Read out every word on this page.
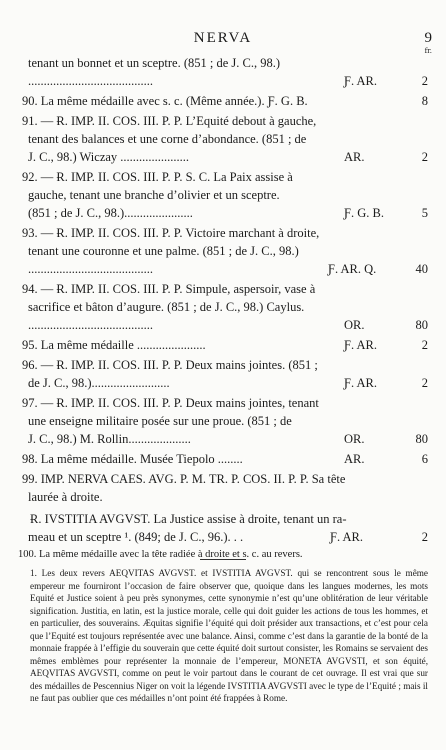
NERVA	9
fr.
tenant un bonnet et un sceptre. (851 ; de J. C., 98.)
........................................	Ƒ. AR.	2
90. La même médaille avec s. c. (Même année.). Ƒ. G. B.	8
91. — Ɍ. IMP. II. COS. III. P. P. L’Equité debout à gauche,
tenant des balances et une corne d’abondance. (851 ; de
J. C., 98.) Wiczay ......................	AR.	2
92. — Ɍ. IMP. II. COS. III. P. P. S. C. La Paix assise à
gauche, tenant une branche d’olivier et un sceptre.
(851 ; de J. C., 98.)......................	Ƒ. G. B.	5
93. — Ɍ. IMP. II. COS. III. P. P. Victoire marchant à droite,
tenant une couronne et une palme. (851 ; de J. C., 98.)
........................................	Ƒ. AR. Q.	40
94. — Ɍ. IMP. II. COS. III. P. P. Simpule, aspersoir, vase à
sacrifice et bâton d’augure. (851 ; de J. C., 98.) Caylus.
........................................	OR.	80
95. La même médaille ......................	Ƒ. AR.	2
96. — Ɍ. IMP. II. COS. III. P. P. Deux mains jointes. (851 ;
de J. C., 98.).........................	Ƒ. AR.	2
97. — Ɍ. IMP. II. COS. III. P. P. Deux mains jointes, tenant
une enseigne militaire posée sur une proue. (851 ; de
J. C., 98.) M. Rollin....................	OR.	80
98. La même médaille. Musée Tiepolo ........	AR.	6
99. IMP. NERVA CAES. AVG. P. M. TR. P. COS. II. P. P. Sa tête
laurée à droite.
Ɍ. IVSTITIA AVGVST. La Justice assise à droite, tenant un ra-
meau et un sceptre ¹. (849; de J. C., 96.). . .	Ƒ. AR.	2
100. La même médaille avec la tête radiée à droite et s. c. au revers.

1. Les deux revers AEQVITAS AVGVST. et IVSTITIA AVGVST. qui se rencontrent sous le même empereur me fourniront l’occasion de faire observer que, quoique dans les langues modernes, les mots Equité et Justice soient à peu près synonymes, cette synonymie n’est qu’une oblitération de leur véritable signification. Justitia, en latin, est la justice morale, celle qui doit guider les actions de tous les hommes, et en particulier, des souverains. Æquitas signifie l’équité qui doit présider aux transactions, et c’est pour cela que l’Equité est toujours représentée avec une balance. Ainsi, comme c’est dans la garantie de la bonté de la monnaie frappée à l’effigie du souverain que cette équité doit surtout consister, les Romains se servaient des mêmes emblèmes pour représenter la monnaie de l’empereur, MONETA AVGVSTI, et son équité, AEQVITAS AVGVSTI, comme on peut le voir partout dans le courant de cet ouvrage. Il est vrai que sur des médailles de Pescennius Niger on voit la légende IVSTITIA AVGVSTI avec le type de l’Equité ; mais il ne faut pas oublier que ces médailles n’ont point été frappées à Rome.
